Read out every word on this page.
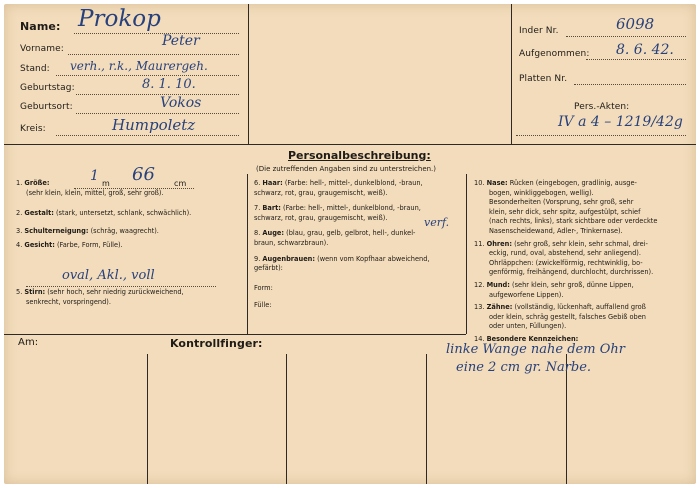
Name: Prokop
Vorname:	Peter
Stand: verh., r.k., Maurergeh.
Geburtstag:	8. 1. 10.
Geburtsort:	Vokos
Kreis:	Humpoletz
Inder Nr.	6098
Aufgenommen: 8. 6. 42.
Platten Nr.
Pers.-Akten:
IV a 4 – 1219/42g
Personalbeschreibung:
(Die zutreffenden Angaben sind zu unterstreichen.)
1. Größe:
(sehr klein, klein, mittel, groß, sehr groß).
2. Gestalt: (stark, untersetzt, schlank, schwächlich).
3. Schulterneigung: (schräg, waagrecht).
4. Gesicht: (Farbe, Form, Fülle).
5. Stirn: (sehr hoch, sehr niedrig zurückweichend,
senkrecht, vorspringend).
1 m 66 cm
oval, Akl., voll
6. Haar: (Farbe: hell-, mittel-, dunkelblond, -braun,
schwarz, rot, grau, graugemischt, weiß).
7. Bart: (Farbe: hell-, mittel-, dunkelblond, -braun,
schwarz, rot, grau, graugemischt, weiß).
8. Auge: (blau, grau, gelb, gelbrot, hell-, dunkel-
braun, schwarzbraun).
9. Augenbrauen: (wenn vom Kopfhaar abweichend,
gefärbt):
Form:
Fülle:
verf.
10. Nase: Rücken (eingebogen, gradlinig, ausge-
bogen, winkliggebogen, wellig).
Besonderheiten (Vorsprung, sehr groß, sehr
klein, sehr dick, sehr spitz, aufgestülpt, schief
(nach rechts, links), stark sichtbare oder verdeckte
Nasenscheidewand, Adler-, Trinkernase).
11. Ohren: (sehr groß, sehr klein, sehr schmal, drei-
eckig, rund, oval, abstehend, sehr anliegend).
Ohrläppchen: (zwickelförmig, rechtwinklig, bo-
genförmig, freihängend, durchlocht, durchrissen).
12. Mund: (sehr klein, sehr groß, dünne Lippen,
aufgeworfene Lippen).
13. Zähne: (vollständig, lückenhaft, auffallend groß
oder klein, schräg gestellt, falsches Gebiß oben
oder unten, Füllungen).
14. Besondere Kennzeichen:
Am:	Kontrollfinger:	linke Wange nahe dem Ohr
eine 2 cm gr. Narbe.
